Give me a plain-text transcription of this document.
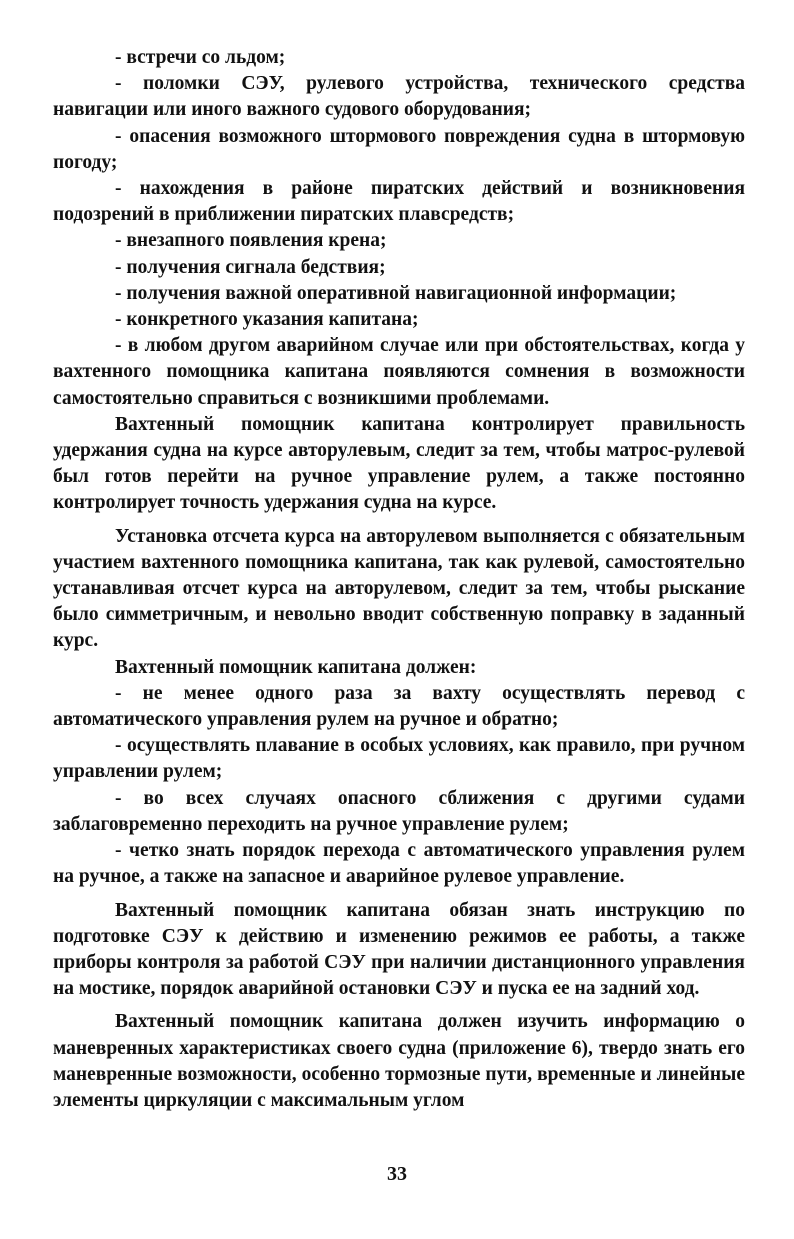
- встречи со льдом;

- поломки СЭУ, рулевого устройства, технического средства навигации или иного важного судового оборудования;

- опасения возможного штормового повреждения судна в штормовую погоду;

- нахождения в районе пиратских действий и возникновения подозрений в приближении пиратских плавсредств;

- внезапного появления крена;

- получения сигнала бедствия;

- получения важной оперативной навигационной информации;

- конкретного указания капитана;

- в любом другом аварийном случае или при обстоятельствах, когда у вахтенного помощника капитана появляются сомнения в возможности самостоятельно справиться с возникшими проблемами.

Вахтенный помощник капитана контролирует правильность удержания судна на курсе авторулевым, следит за тем, чтобы матрос-рулевой был готов перейти на ручное управление рулем, а также постоянно контролирует точность удержания судна на курсе.

Установка отсчета курса на авторулевом выполняется с обязательным участием вахтенного помощника капитана, так как рулевой, самостоятельно устанавливая отсчет курса на авторулевом, следит за тем, чтобы рыскание было симметричным, и невольно вводит собственную поправку в заданный курс.

Вахтенный помощник капитана должен:

- не менее одного раза за вахту осуществлять перевод с автоматического управления рулем на ручное и обратно;

- осуществлять плавание в особых условиях, как правило, при ручном управлении рулем;

- во всех случаях опасного сближения с другими судами заблаговременно переходить на ручное управление рулем;

- четко знать порядок перехода с автоматического управления рулем на ручное, а также на запасное и аварийное рулевое управление.

Вахтенный помощник капитана обязан знать инструкцию по подготовке СЭУ к действию и изменению режимов ее работы, а также приборы контроля за работой СЭУ при наличии дистанционного управления на мостике, порядок аварийной остановки СЭУ и пуска ее на задний ход.

Вахтенный помощник капитана должен изучить информацию о маневренных характеристиках своего судна (приложение 6), твердо знать его маневренные возможности, особенно тормозные пути, временные и линейные элементы циркуляции с максимальным углом

33
